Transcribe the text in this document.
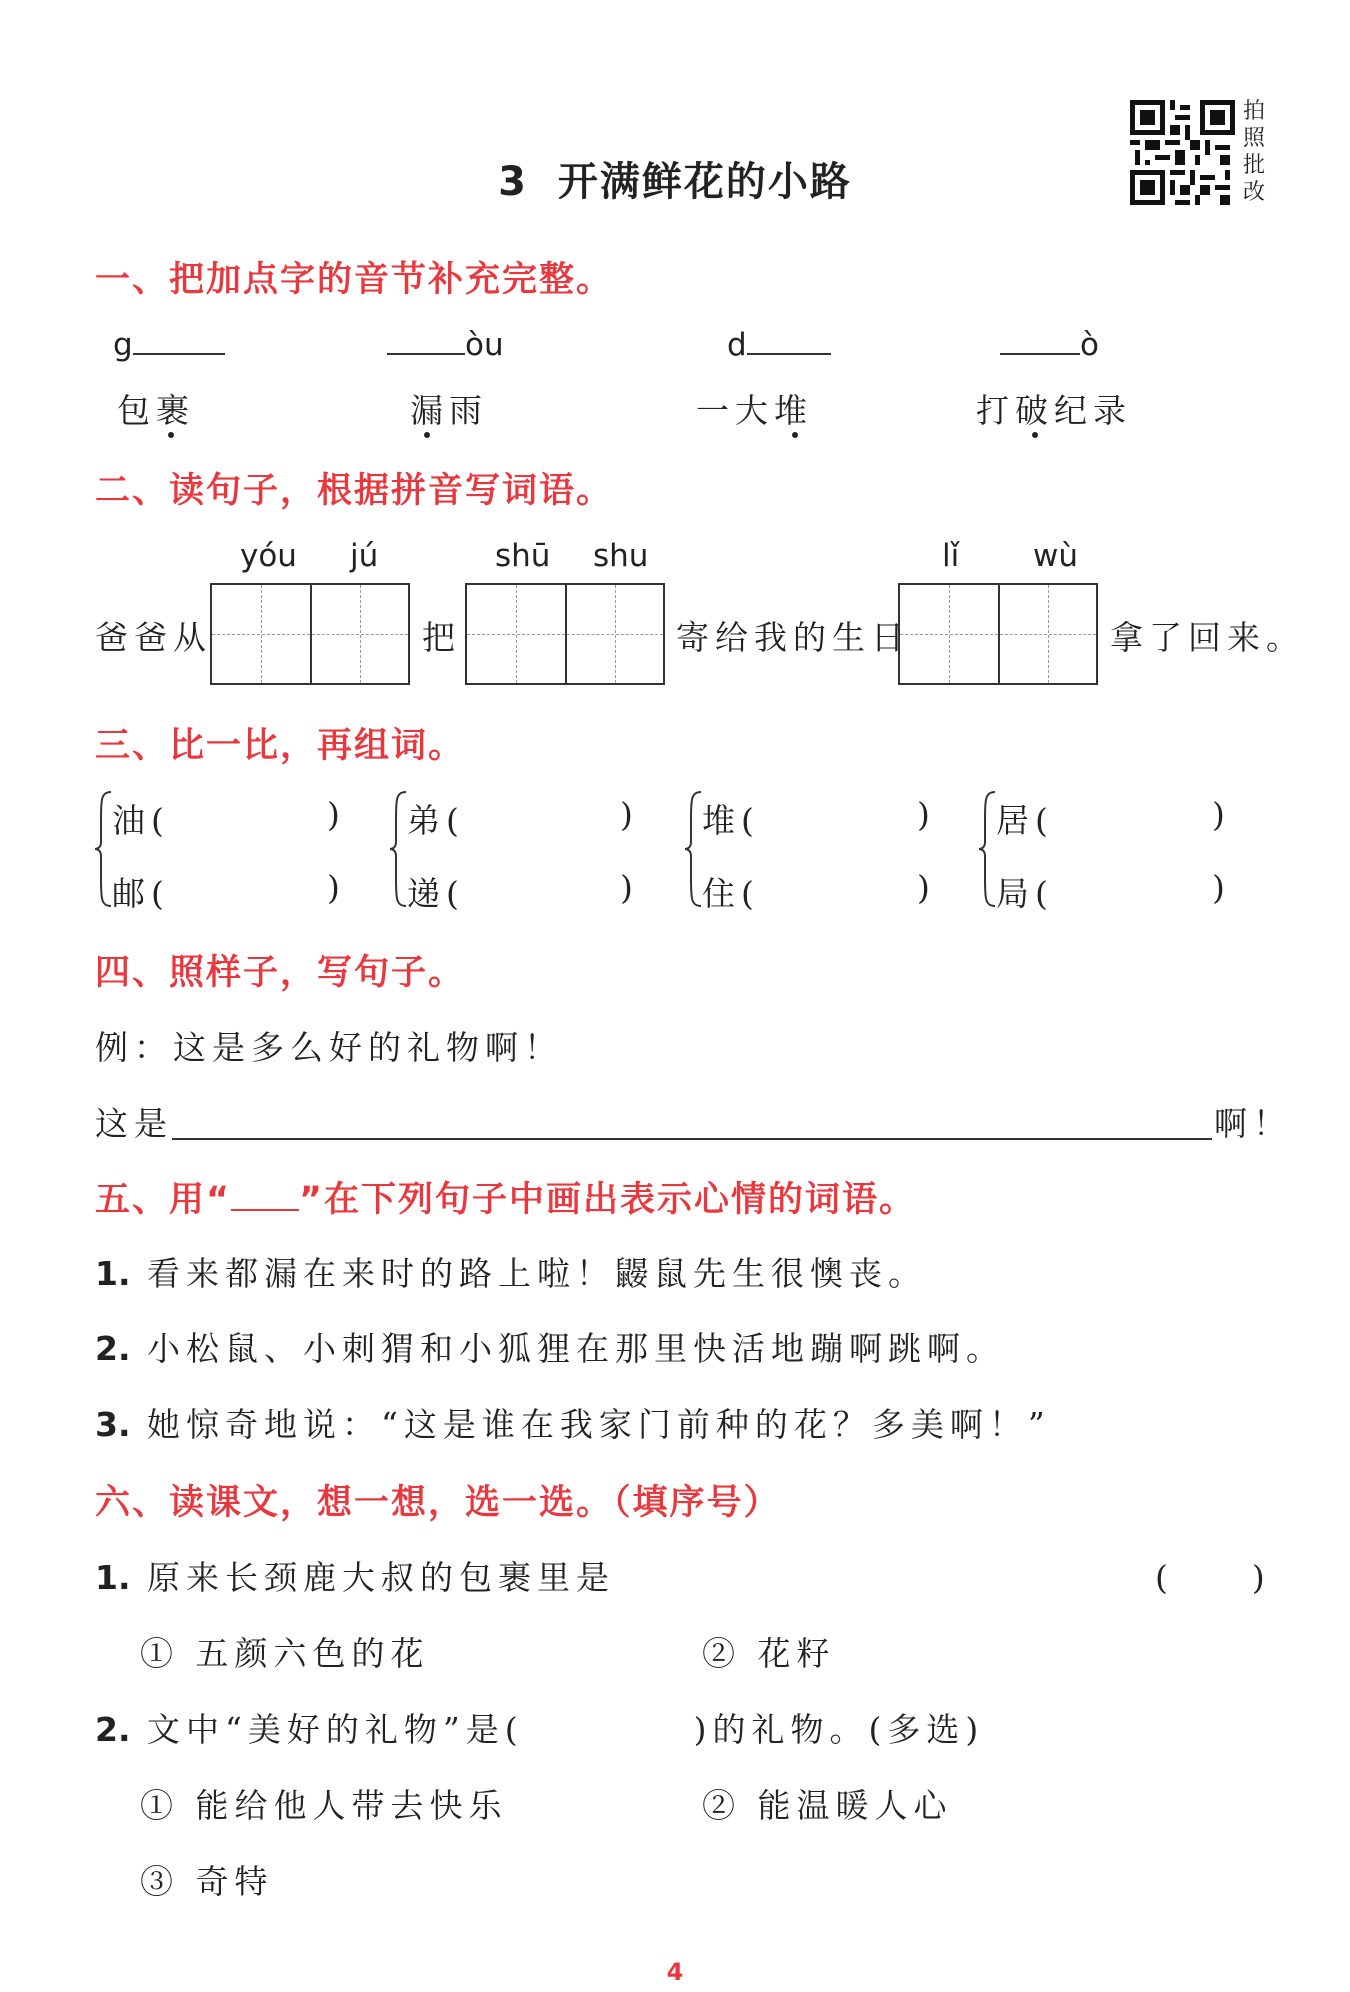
3 开满鲜花的小路
拍
照
批
改
一、把加点字的音节补充完整。
g	òu	d	ò
包裹	漏雨	一大堆	打破纪录
二、读句子，根据拼音写词语。
yóu jú	shū shu	lǐ wù
爸爸从	把	寄给我的生日	拿了回来。
三、比一比，再组词。
油(	)
邮(	)
弟(	)
递(	)
堆(	)
住(	)
居(	)
局(	)
四、照样子，写句子。
例：这是多么好的礼物啊！
这是	啊！
五、用“ ”在下列句子中画出表示心情的词语。
1. 看来都漏在来时的路上啦！鼹鼠先生很懊丧。
2. 小松鼠、小刺猬和小狐狸在那里快活地蹦啊跳啊。
3. 她惊奇地说：“这是谁在我家门前种的花？多美啊！”
六、读课文，想一想，选一选。（填序号）
1. 原来长颈鹿大叔的包裹里是	(　　)
① 五颜六色的花	② 花籽
2. 文中“美好的礼物”是(	)的礼物。(多选)
① 能给他人带去快乐	② 能温暖人心
③ 奇特
4
